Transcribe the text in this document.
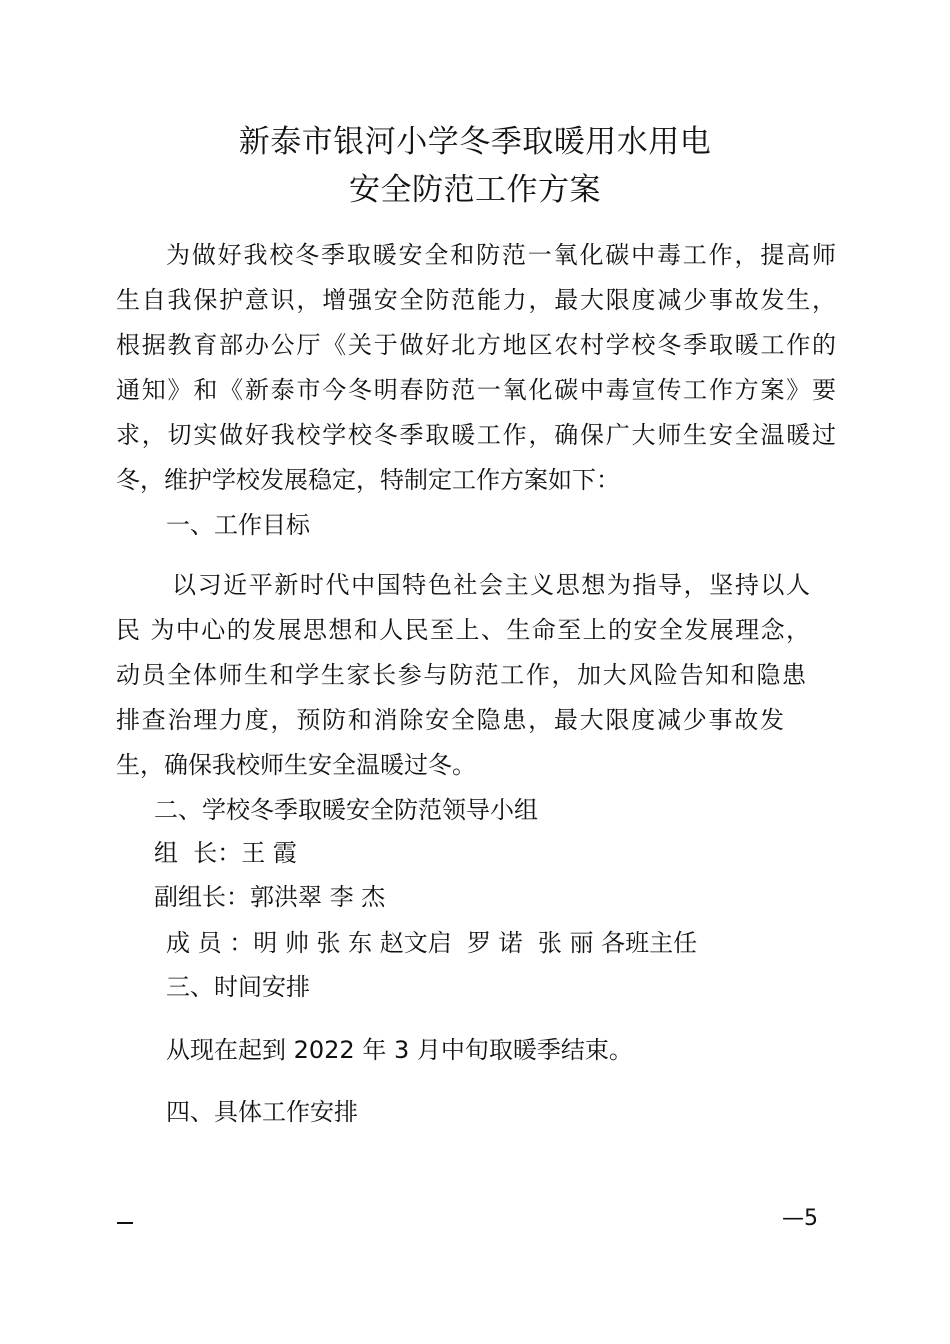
新泰市银河小学冬季取暖用水用电
安全防范工作方案
为做好我校冬季取暖安全和防范一氧化碳中毒工作，提高师
生自我保护意识，增强安全防范能力，最大限度减少事故发生，
根据教育部办公厅《关于做好北方地区农村学校冬季取暖工作的
通知》和《新泰市今冬明春防范一氧化碳中毒宣传工作方案》要
求，切实做好我校学校冬季取暖工作，确保广大师生安全温暖过
冬，维护学校发展稳定，特制定工作方案如下：
一、工作目标
以习近平新时代中国特色社会主义思想为指导，坚持以人
民 为中心的发展思想和人民至上、生命至上的安全发展理念，
动员全体师生和学生家长参与防范工作，加大风险告知和隐患
排查治理力度，预防和消除安全隐患，最大限度减少事故发
生，确保我校师生安全温暖过冬。
二、学校冬季取暖安全防范领导小组
组  长：王 霞
副组长：郭洪翠 李 杰
成 员 ：明 帅 张 东 赵文启  罗 诺  张 丽 各班主任
三、时间安排
从现在起到 2022 年 3 月中旬取暖季结束。
四、具体工作安排
—5
